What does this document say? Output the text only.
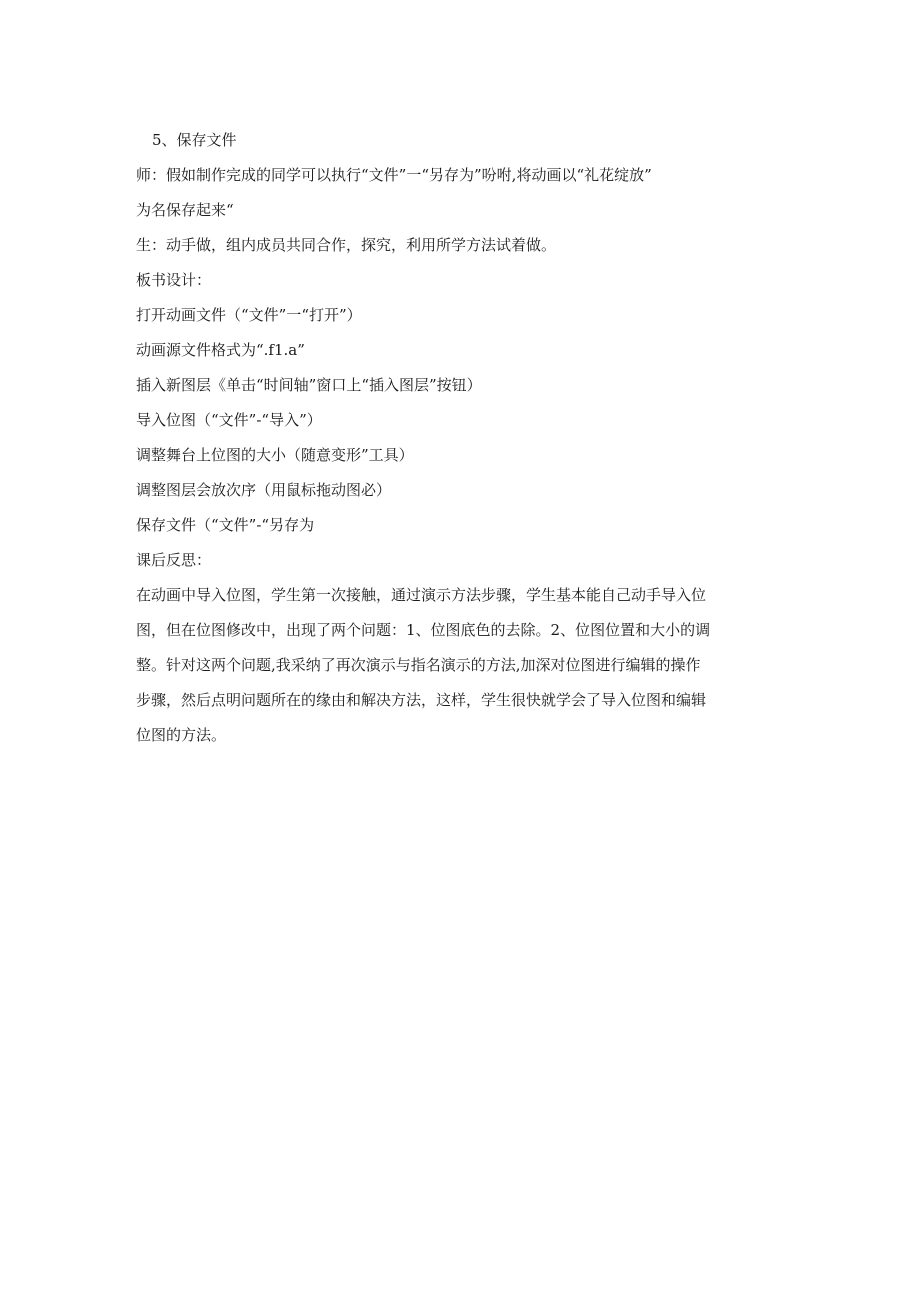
5、保存文件
师：假如制作完成的同学可以执行“文件”一“另存为”吩咐,将动画以“礼花绽放”
为名保存起来“
生：动手做，组内成员共同合作，探究，利用所学方法试着做。
板书设计：
打开动画文件（“文件”一“打开”）
动画源文件格式为“.f1.a”
插入新图层《单击“时间轴”窗口上“插入图层”按钮）
导入位图（“文件”-“导入”）
调整舞台上位图的大小（随意变形”工具）
调整图层会放次序（用鼠标拖动图必）
保存文件（“文件”-“另存为
课后反思：
在动画中导入位图，学生第一次接触，通过演示方法步骤，学生基本能自己动手导入位
图，但在位图修改中，出现了两个问题：1、位图底色的去除。2、位图位置和大小的调
整。针对这两个问题,我采纳了再次演示与指名演示的方法,加深对位图进行编辑的操作
步骤，然后点明问题所在的缘由和解决方法，这样，学生很快就学会了导入位图和编辑
位图的方法。
